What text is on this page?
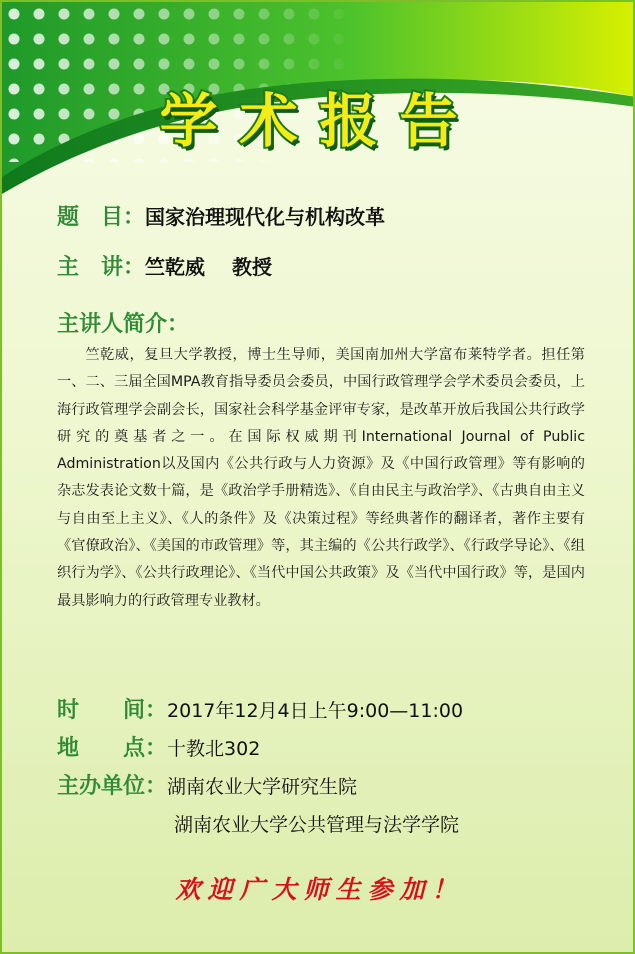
学术报告
题　目：国家治理现代化与机构改革
主　讲：竺乾威　 教授
主讲人简介：

竺乾威，复旦大学教授，博士生导师，美国南加州大学富布莱特学者。担任第一、二、三届全国MPA教育指导委员会委员，中国行政管理学会学术委员会委员，上海行政管理学会副会长，国家社会科学基金评审专家，是改革开放后我国公共行政学研究的奠基者之一。在国际权威期刊International Journal of Public Administration以及国内《公共行政与人力资源》及《中国行政管理》等有影响的杂志发表论文数十篇，是《政治学手册精选》、《自由民主与政治学》、《古典自由主义与自由至上主义》、《人的条件》及《决策过程》等经典著作的翻译者，著作主要有《官僚政治》、《美国的市政管理》等，其主编的《公共行政学》、《行政学导论》、《组织行为学》、《公共行政理论》、《当代中国公共政策》及《当代中国行政》等，是国内最具影响力的行政管理专业教材。

时　　间：2017年12月4日上午9:00—11:00
地　　点：十教北302
主办单位：湖南农业大学研究生院
湖南农业大学公共管理与法学学院
欢迎广大师生参加！
